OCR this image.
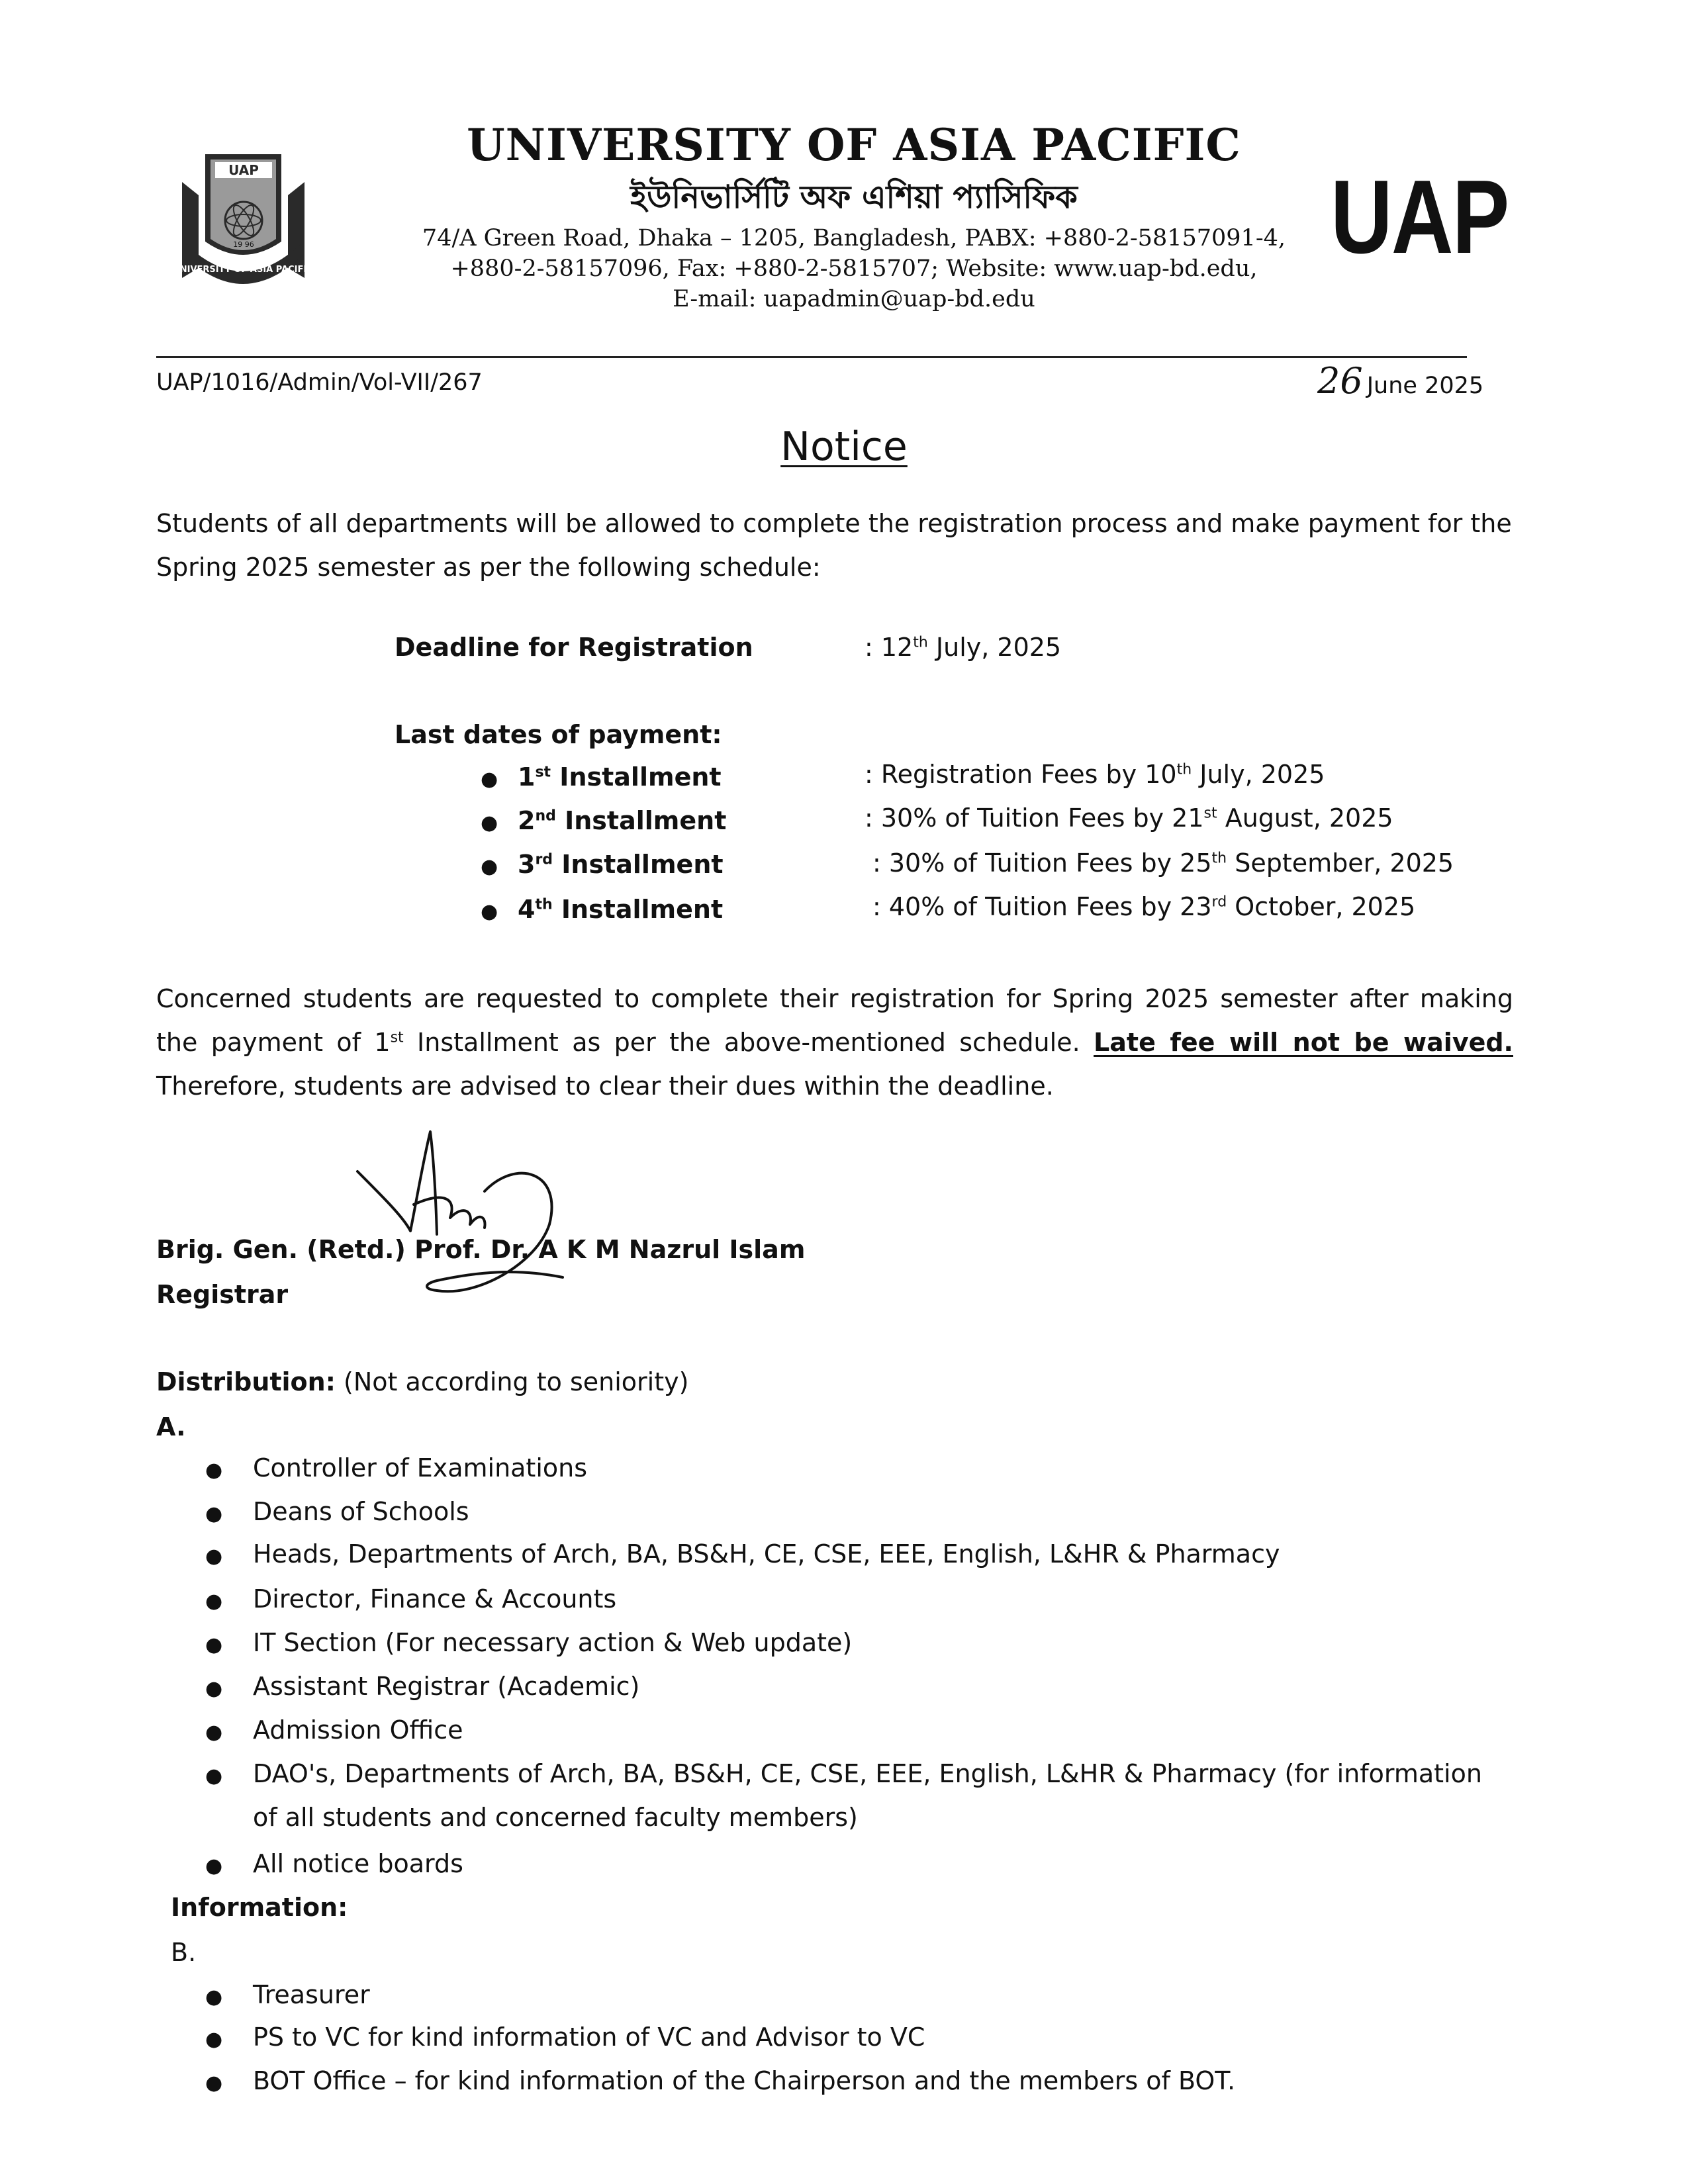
UAP
19 96
UNIVERSITY OF ASIA PACIFIC
UNIVERSITY OF ASIA PACIFIC
ইউনিভার্সিটি অফ এশিয়া প্যাসিফিক
74/A Green Road, Dhaka – 1205, Bangladesh, PABX: +880-2-58157091-4,
+880-2-58157096, Fax: +880-2-5815707; Website: www.uap-bd.edu,
E-mail: uapadmin@uap-bd.edu
UAP
UAP/1016/Admin/Vol-VII/267	26 June 2025
Notice
Students of all departments will be allowed to complete the registration process and make payment for the Spring 2025 semester as per the following schedule:
Deadline for Registration	: 12th July, 2025
Last dates of payment:
● 1st Installment	: Registration Fees by 10th July, 2025
● 2nd Installment	: 30% of Tuition Fees by 21st August, 2025
● 3rd Installment	: 30% of Tuition Fees by 25th September, 2025
● 4th Installment	: 40% of Tuition Fees by 23rd October, 2025
Concerned students are requested to complete their registration for Spring 2025 semester after making the payment of 1st Installment as per the above-mentioned schedule. Late fee will not be waived. Therefore, students are advised to clear their dues within the deadline.
Brig. Gen. (Retd.) Prof. Dr. A K M Nazrul Islam
Registrar
Distribution: (Not according to seniority)
A.
● Controller of Examinations
● Deans of Schools
● Heads, Departments of Arch, BA, BS&H, CE, CSE, EEE, English, L&HR & Pharmacy
● Director, Finance & Accounts
● IT Section (For necessary action & Web update)
● Assistant Registrar (Academic)
● Admission Office
● DAO's, Departments of Arch, BA, BS&H, CE, CSE, EEE, English, L&HR & Pharmacy (for information
of all students and concerned faculty members)
● All notice boards
Information:
B.
● Treasurer
● PS to VC for kind information of VC and Advisor to VC
● BOT Office – for kind information of the Chairperson and the members of BOT.
